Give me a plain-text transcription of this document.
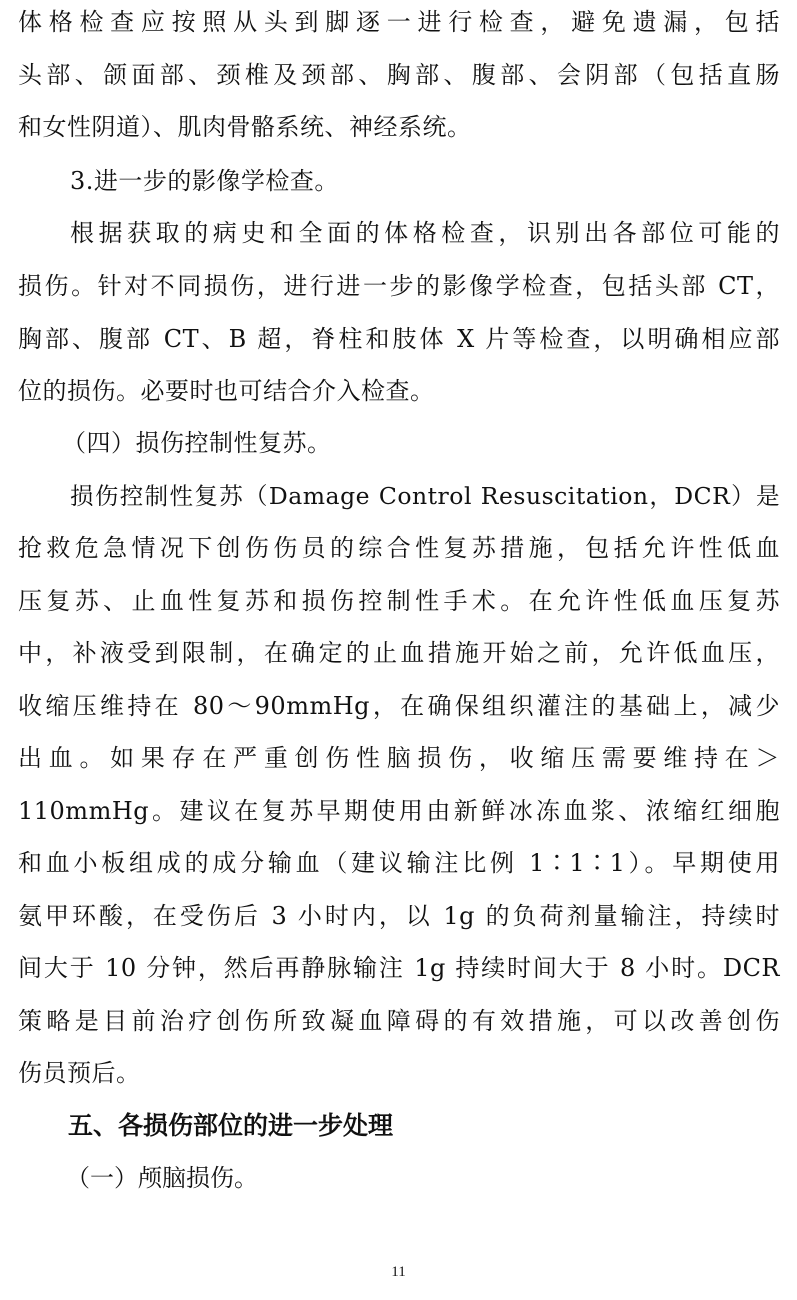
体格检查应按照从头到脚逐一进行检查，避免遗漏，包括
头部、颌面部、颈椎及颈部、胸部、腹部、会阴部（包括直肠
和女性阴道）、肌肉骨骼系统、神经系统。
3.进一步的影像学检查。
根据获取的病史和全面的体格检查，识别出各部位可能的
损伤。针对不同损伤，进行进一步的影像学检查，包括头部 CT，
胸部、腹部 CT、B 超，脊柱和肢体 X 片等检查，以明确相应部
位的损伤。必要时也可结合介入检查。
（四）损伤控制性复苏。
损伤控制性复苏（Damage Control Resuscitation，DCR）是
抢救危急情况下创伤伤员的综合性复苏措施，包括允许性低血
压复苏、止血性复苏和损伤控制性手术。在允许性低血压复苏
中，补液受到限制，在确定的止血措施开始之前，允许低血压，
收缩压维持在 80～90mmHg，在确保组织灌注的基础上，减少
出血。如果存在严重创伤性脑损伤，收缩压需要维持在＞
110mmHg。建议在复苏早期使用由新鲜冰冻血浆、浓缩红细胞
和血小板组成的成分输血（建议输注比例 1∶1∶1）。早期使用
氨甲环酸，在受伤后 3 小时内，以 1g 的负荷剂量输注，持续时
间大于 10 分钟，然后再静脉输注 1g 持续时间大于 8 小时。DCR
策略是目前治疗创伤所致凝血障碍的有效措施，可以改善创伤
伤员预后。
五、各损伤部位的进一步处理
（一）颅脑损伤。
11
